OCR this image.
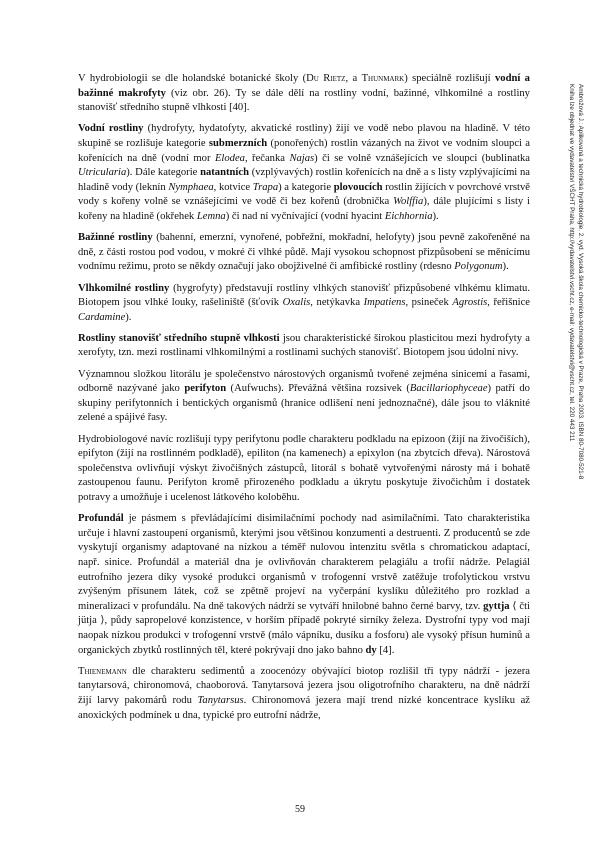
Ambrožová J.: Aplikovaná a technická hydrobiologie. 2. vyd. Vysoká škola chemicko-technologická v Praze, Praha 2003. ISBN 80-7080-521-8
Kniha lze objednat ve vydavatelství VŠCHT Praha, http://vydavatelstvi.vscht.cz, e-mail: vydavatelstvi@vscht.cz, tel. 220 443 211

V hydrobiologii se dle holandské botanické školy (Du Rietz, a Thunmark) speciálně rozlišují vodní a bažinné makrofyty (viz obr. 26). Ty se dále dělí na rostliny vodní, bažinné, vlhkomilné a rostliny stanovišť středního stupně vlhkosti [40].

Vodní rostliny (hydrofyty, hydatofyty, akvatické rostliny) žijí ve vodě nebo plavou na hladině. V této skupině se rozlišuje kategorie submerzních (ponořených) rostlin vázaných na život ve vodním sloupci a kořenících na dně (vodní mor Elodea, řečanka Najas) či se volně vznášejících ve sloupci (bublinatka Utricularia). Dále kategorie natantních (vzplývavých) rostlin kořenících na dně a s listy vzplývajícími na hladině vody (leknín Nymphaea, kotvice Trapa) a kategorie plovoucích rostlin žijících v povrchové vrstvě vody s kořeny volně se vznášejícími ve vodě či bez kořenů (drobnička Wolffia), dále plujícími s listy i kořeny na hladině (okřehek Lemna) či nad ní vyčnívající (vodní hyacint Eichhornia).

Bažinné rostliny (bahenní, emerzní, vynořené, pobřežní, mokřadní, helofyty) jsou pevně zakořeněné na dně, z části rostou pod vodou, v mokré či vlhké půdě. Mají vysokou schopnost přizpůsobení se měnícímu vodnímu režimu, proto se někdy označují jako obojživelné či amfibické rostliny (rdesno Polygonum).

Vlhkomilné rostliny (hygrofyty) představují rostliny vlhkých stanovišť přizpůsobené vlhkému klimatu. Biotopem jsou vlhké louky, rašeliniště (šťovík Oxalis, netýkavka Impatiens, psineček Agrostis, řeřišnice Cardamine).

Rostliny stanovišť středního stupně vlhkosti jsou charakteristické širokou plasticitou mezi hydrofyty a xerofyty, tzn. mezi rostlinami vlhkomilnými a rostlinami suchých stanovišť. Biotopem jsou údolní nivy.

Významnou složkou litorálu je společenstvo nárostových organismů tvořené zejména sinicemi a řasami, odborně nazývané jako perifyton (Aufwuchs). Převážná většina rozsivek (Bacillariophyceae) patří do skupiny perifytonních i bentických organismů (hranice odlišení není jednoznačné), dále jsou to vláknité zelené a spájivé řasy.

Hydrobiologové navíc rozlišují typy perifytonu podle charakteru podkladu na epizoon (žijí na živočiších), epifyton (žijí na rostlinném podkladě), epiliton (na kamenech) a epixylon (na zbytcích dřeva). Nárostová společenstva ovlivňují výskyt živočišných zástupců, litorál s bohatě vytvořenými nárosty má i bohatě zastoupenou faunu. Perifyton kromě přirozeného podkladu a úkrytu poskytuje živočichům i dostatek potravy a umožňuje i ucelenost látkového koloběhu.

Profundál je pásmem s převládajícími disimilačními pochody nad asimilačními. Tato charakteristika určuje i hlavní zastoupení organismů, kterými jsou většinou konzumenti a destruenti. Z producentů se zde vyskytují organismy adaptované na nízkou a téměř nulovou intenzitu světla s chromatickou adaptací, např. sinice. Profundál a materiál dna je ovlivňován charakterem pelagiálu a trofií nádrže. Pelagiál eutrofního jezera díky vysoké produkci organismů v trofogenní vrstvě zatěžuje trofolytickou vrstvu zvýšeným přísunem látek, což se zpětně projeví na vyčerpání kyslíku důležitého pro rozklad a mineralizaci v profundálu. Na dně takových nádrží se vytváří hnilobné bahno černé barvy, tzv. gyttja ⟨ čti jütja ⟩, půdy sapropelové konzistence, v horším případě pokryté sirníky železa. Dystrofní typy vod mají naopak nízkou produkci v trofogenní vrstvě (málo vápníku, dusíku a fosforu) ale vysoký přísun huminů a organických zbytků rostlinných těl, které pokrývají dno jako bahno dy [4].

Thienemann dle charakteru sedimentů a zoocenózy obývající biotop rozlišil tři typy nádrží - jezera tanytarsová, chironomová, chaoborová. Tanytarsová jezera jsou oligotrofního charakteru, na dně nádrží žijí larvy pakomárů rodu Tanytarsus. Chironomová jezera mají trend nízké koncentrace kyslíku až anoxických podmínek u dna, typické pro eutrofní nádrže,

59
